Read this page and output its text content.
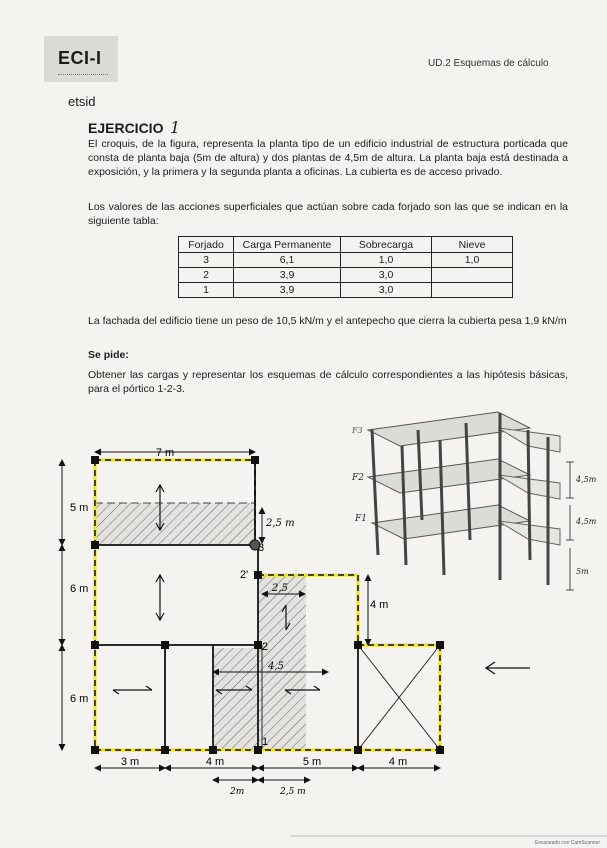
ECI-I
etsid
UD.2 Esquemas de cálculo
EJERCICIO 1
El croquis, de la figura, representa la planta tipo de un edificio industrial de estructura porticada que consta de planta baja (5m de altura) y dos plantas de 4,5m de altura. La planta baja está destinada a exposición, y la primera y la segunda planta a oficinas. La cubierta es de acceso privado.
Los valores de las acciones superficiales que actúan sobre cada forjado son las que se indican en la siguiente tabla:
Forjado	Carga Permanente	Sobrecarga	Nieve
3	6,1	1,0	1,0
2	3,9	3,0	
1	3,9	3,0	
La fachada del edificio tiene un peso de 10,5 kN/m y el antepecho que cierra la cubierta pesa 1,9 kN/m
Se pide:
Obtener las cargas y representar los esquemas de cálculo correspondientes a las hipótesis básicas, para el pórtico 1-2-3.
7 m
5 m
6 m
6 m
4 m
3 m	4 m	5 m	4 m
2,5 m
2,5
4,5
2m	2,5 m
1
2
2'
3
F3
F2
F1
4,5m
4,5m
5m
Escaneado con CamScanner
